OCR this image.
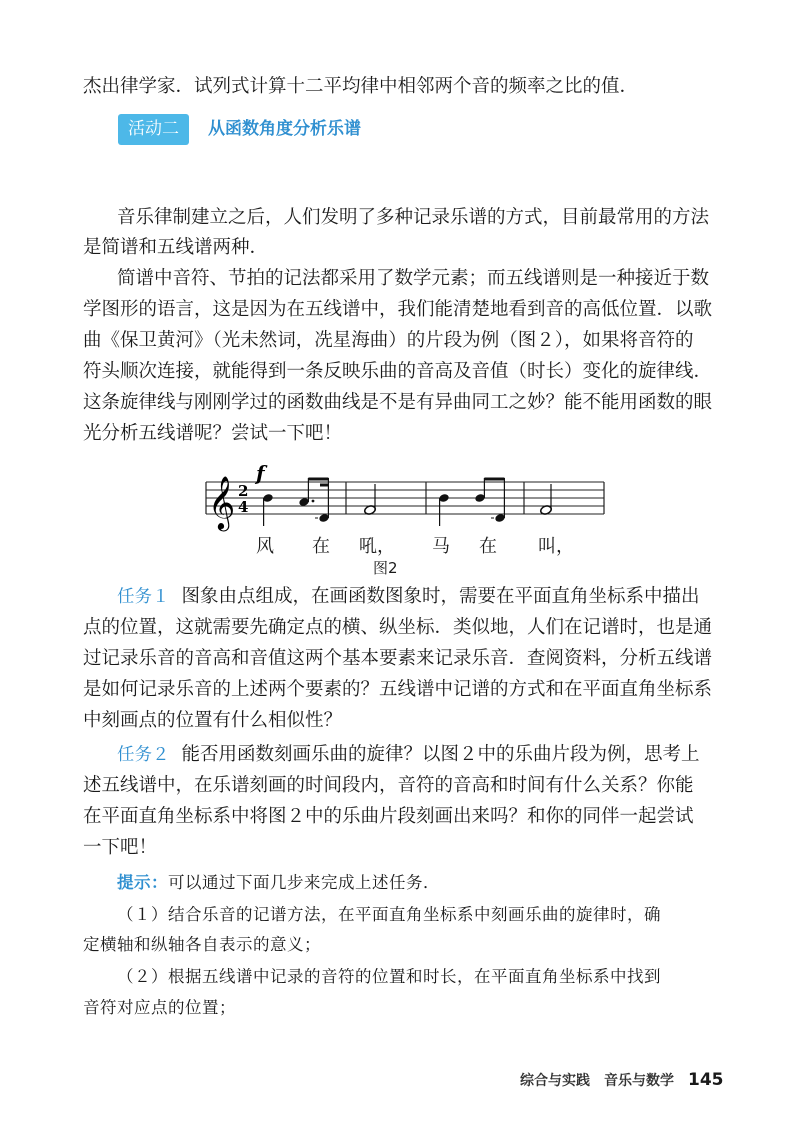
杰出律学家．试列式计算十二平均律中相邻两个音的频率之比的值．
活动二	从函数角度分析乐谱
音乐律制建立之后，人们发明了多种记录乐谱的方式，目前最常用的方法
是简谱和五线谱两种．
简谱中音符、节拍的记法都采用了数学元素；而五线谱则是一种接近于数
学图形的语言，这是因为在五线谱中，我们能清楚地看到音的高低位置．以歌
曲《保卫黄河》（光未然词，冼星海曲）的片段为例（图２），如果将音符的
符头顺次连接，就能得到一条反映乐曲的音高及音值（时长）变化的旋律线．
这条旋律线与刚刚学过的函数曲线是不是有异曲同工之妙？能不能用函数的眼
光分析五线谱呢？尝试一下吧！
𝄞 2
4
f
风 在 吼， 马 在 叫，
图2
任务１ 图象由点组成，在画函数图象时，需要在平面直角坐标系中描出
点的位置，这就需要先确定点的横、纵坐标．类似地，人们在记谱时，也是通
过记录乐音的音高和音值这两个基本要素来记录乐音．查阅资料，分析五线谱
是如何记录乐音的上述两个要素的？五线谱中记谱的方式和在平面直角坐标系
中刻画点的位置有什么相似性？
任务２ 能否用函数刻画乐曲的旋律？以图２中的乐曲片段为例，思考上
述五线谱中，在乐谱刻画的时间段内，音符的音高和时间有什么关系？你能
在平面直角坐标系中将图２中的乐曲片段刻画出来吗？和你的同伴一起尝试
一下吧！
提示：可以通过下面几步来完成上述任务．
（１）结合乐音的记谱方法，在平面直角坐标系中刻画乐曲的旋律时，确
定横轴和纵轴各自表示的意义；
（２）根据五线谱中记录的音符的位置和时长，在平面直角坐标系中找到
音符对应点的位置；
综合与实践　音乐与数学 145
